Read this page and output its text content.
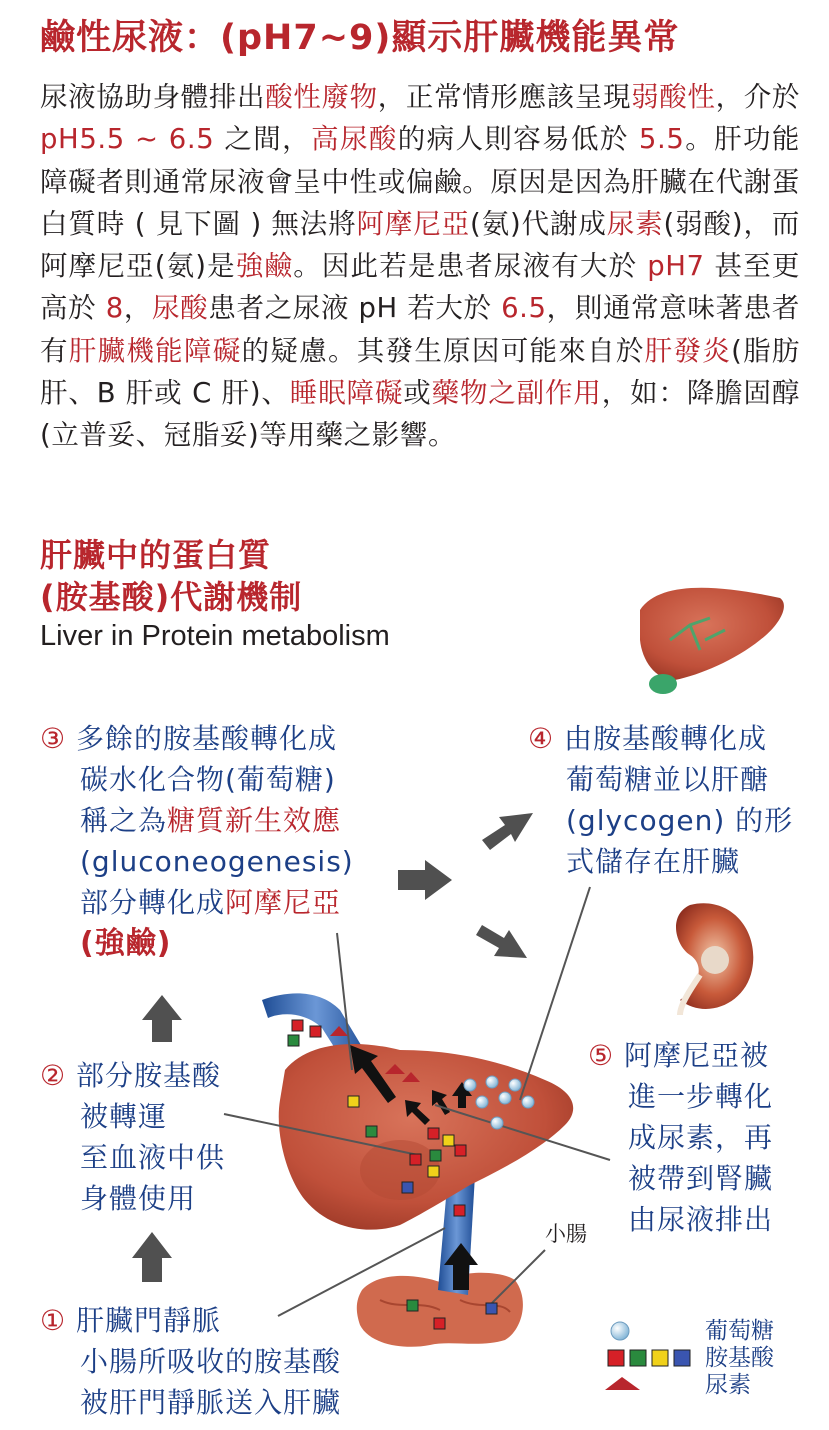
鹼性尿液：(pH7~9)顯示肝臟機能異常
尿液協助身體排出酸性廢物，正常情形應該呈現弱酸性，介於 pH5.5 ~ 6.5 之間，高尿酸的病人則容易低於 5.5。肝功能障礙者則通常尿液會呈中性或偏鹼。原因是因為肝臟在代謝蛋白質時 ( 見下圖 ) 無法將阿摩尼亞(氨)代謝成尿素(弱酸)，而阿摩尼亞(氨)是強鹼。因此若是患者尿液有大於 pH7 甚至更高於 8，尿酸患者之尿液 pH 若大於 6.5，則通常意味著患者有肝臟機能障礙的疑慮。其發生原因可能來自於肝發炎(脂肪肝、B 肝或 C 肝)、睡眠障礙或藥物之副作用，如：降膽固醇(立普妥、冠脂妥)等用藥之影響。
肝臟中的蛋白質
(胺基酸)代謝機制
Liver in Protein metabolism
③ 多餘的胺基酸轉化成
碳水化合物(葡萄糖)
稱之為糖質新生效應
(gluconeogenesis)
部分轉化成阿摩尼亞
(強鹼)
④ 由胺基酸轉化成
葡萄糖並以肝醣
(glycogen) 的形
式儲存在肝臟
② 部分胺基酸
被轉運
至血液中供
身體使用
⑤ 阿摩尼亞被
進一步轉化
成尿素，再
被帶到腎臟
由尿液排出
① 肝臟門靜脈
小腸所吸收的胺基酸
被肝門靜脈送入肝臟
小腸
葡萄糖
胺基酸
尿素
